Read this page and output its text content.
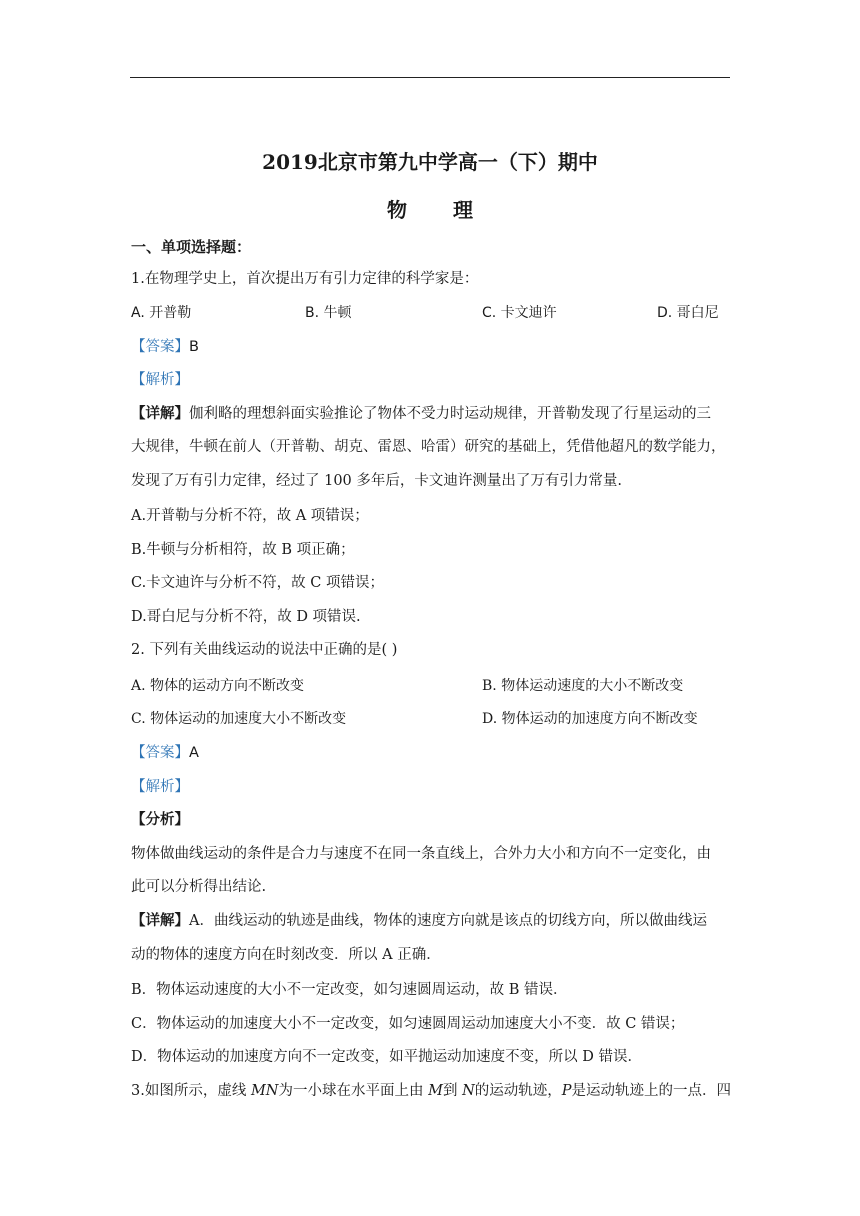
2019北京市第九中学高一（下）期中
物理
一、单项选择题：
1.在物理学史上，首次提出万有引力定律的科学家是：
A. 开普勒	B. 牛顿	C. 卡文迪许	D. 哥白尼
【答案】B
【解析】
【详解】伽利略的理想斜面实验推论了物体不受力时运动规律，开普勒发现了行星运动的三
大规律，牛顿在前人（开普勒、胡克、雷恩、哈雷）研究的基础上，凭借他超凡的数学能力，
发现了万有引力定律，经过了 100 多年后，卡文迪许测量出了万有引力常量.
A.开普勒与分析不符，故 A 项错误；
B.牛顿与分析相符，故 B 项正确；
C.卡文迪许与分析不符，故 C 项错误；
D.哥白尼与分析不符，故 D 项错误.
2. 下列有关曲线运动的说法中正确的是( )
A. 物体的运动方向不断改变	B. 物体运动速度的大小不断改变
C. 物体运动的加速度大小不断改变	D. 物体运动的加速度方向不断改变
【答案】A
【解析】
【分析】
物体做曲线运动的条件是合力与速度不在同一条直线上，合外力大小和方向不一定变化，由
此可以分析得出结论.
【详解】A．曲线运动的轨迹是曲线，物体的速度方向就是该点的切线方向，所以做曲线运
动的物体的速度方向在时刻改变．所以 A 正确．
B．物体运动速度的大小不一定改变，如匀速圆周运动，故 B 错误．
C．物体运动的加速度大小不一定改变，如匀速圆周运动加速度大小不变．故 C 错误；
D．物体运动的加速度方向不一定改变，如平抛运动加速度不变，所以 D 错误．
3.如图所示，虚线 MN为一小球在水平面上由 M到 N的运动轨迹，P是运动轨迹上的一点．四
